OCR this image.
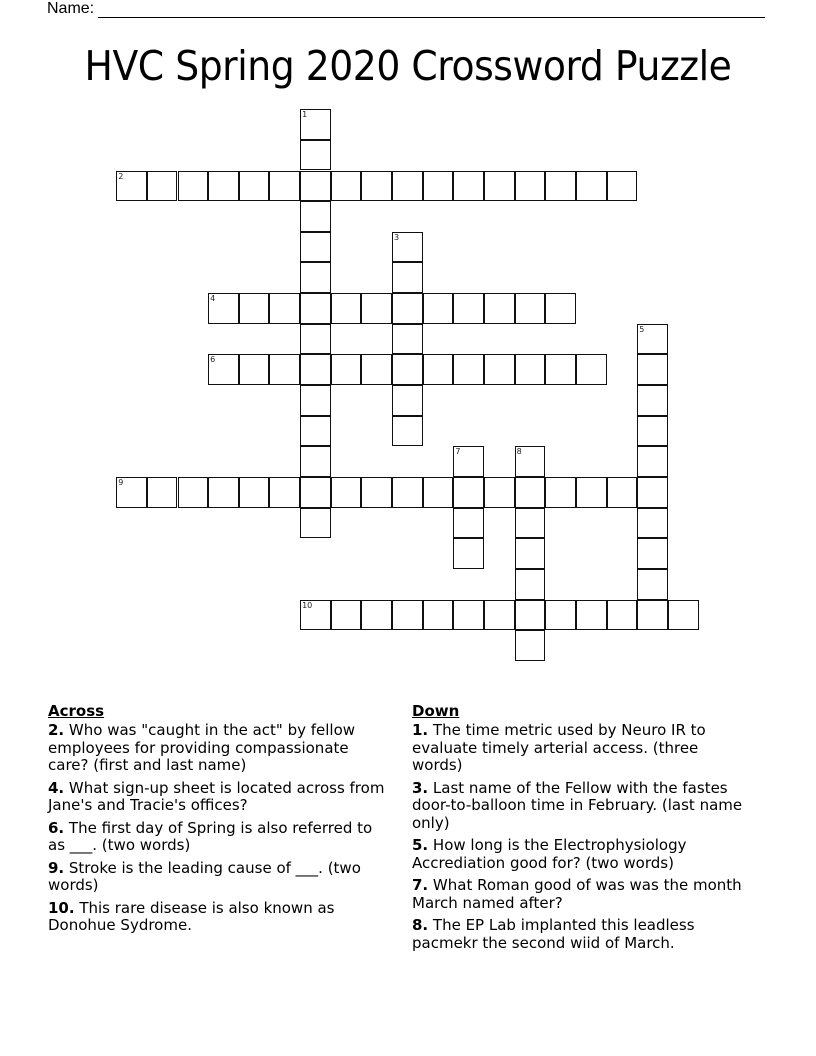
Name:
HVC Spring 2020 Crossword Puzzle
1
2
3
4
5
6
7	8
9
10
Across
2. Who was "caught in the act" by fellow employees for providing compassionate care? (first and last name)
4. What sign-up sheet is located across from Jane's and Tracie's offices?
6. The first day of Spring is also referred to as ___. (two words)
9. Stroke is the leading cause of ___. (two words)
10. This rare disease is also known as Donohue Sydrome.
Down
1. The time metric used by Neuro IR to evaluate timely arterial access. (three words)
3. Last name of the Fellow with the fastes door-to-balloon time in February. (last name only)
5. How long is the Electrophysiology Accrediation good for? (two words)
7. What Roman good of was was the month March named after?
8. The EP Lab implanted this leadless pacmekr the second wiid of March.
